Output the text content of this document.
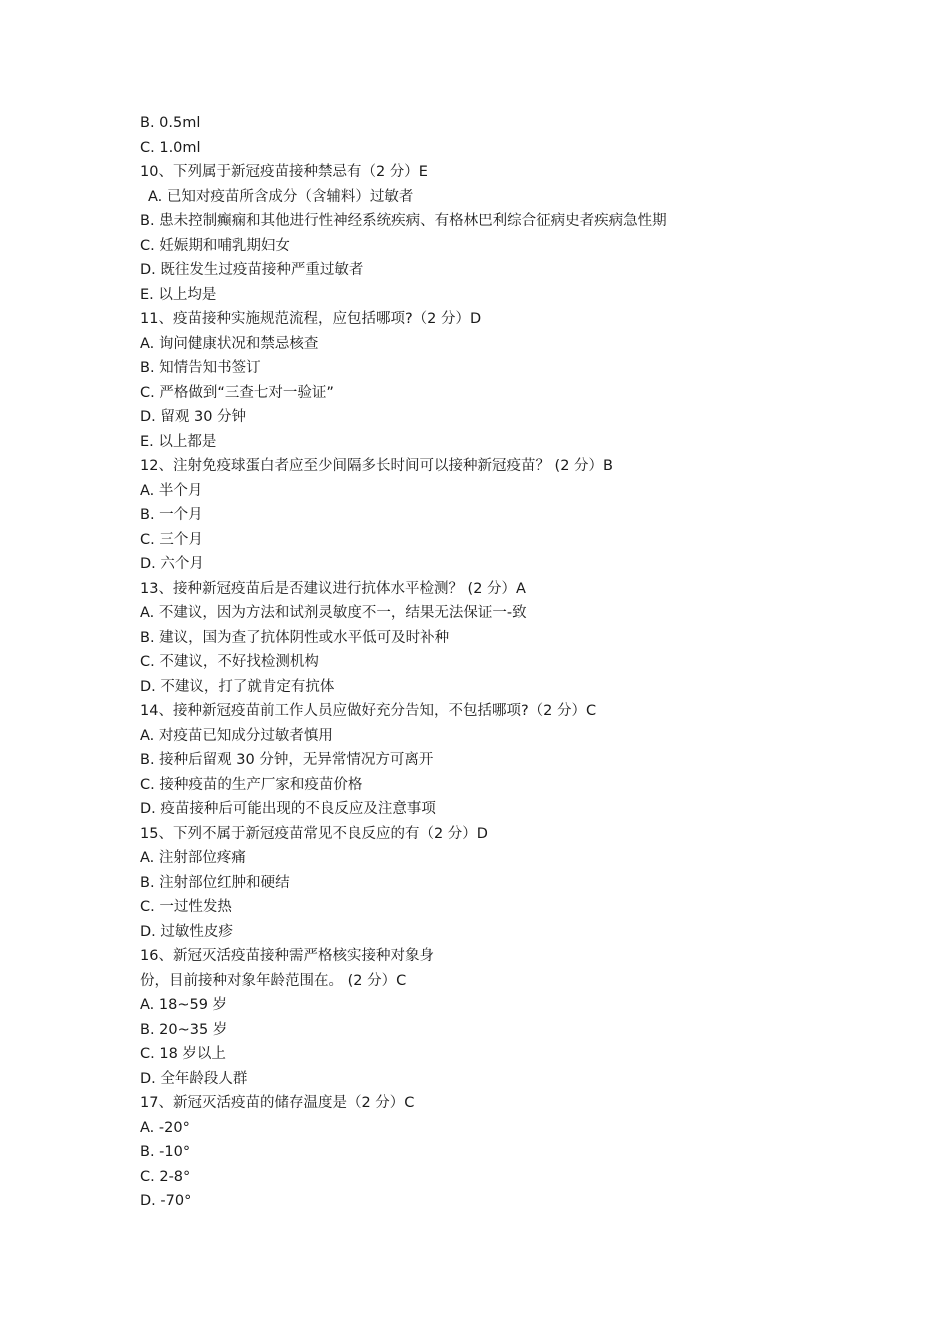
B. 0.5ml
C. 1.0ml
10、下列属于新冠疫苗接种禁忌有（2 分）E
A. 已知对疫苗所含成分（含辅料）过敏者
B. 患未控制癫痫和其他进行性神经系统疾病、有格林巴利综合征病史者疾病急性期
C. 妊娠期和哺乳期妇女
D. 既往发生过疫苗接种严重过敏者
E. 以上均是
11、疫苗接种实施规范流程，应包括哪项?（2 分）D
A. 询问健康状况和禁忌核查
B. 知情告知书签订
C. 严格做到“三查七对一验证”
D. 留观 30 分钟
E. 以上都是
12、注射免疫球蛋白者应至少间隔多长时间可以接种新冠疫苗？ (2 分）B
A. 半个月
B. 一个月
C. 三个月
D. 六个月
13、接种新冠疫苗后是否建议进行抗体水平检测？ (2 分）A
A. 不建议，因为方法和试剂灵敏度不一，结果无法保证一-致
B. 建议，国为查了抗体阴性或水平低可及时补种
C. 不建议，不好找检测机构
D. 不建议，打了就肯定有抗体
14、接种新冠疫苗前工作人员应做好充分告知，不包括哪项?（2 分）C
A. 对疫苗已知成分过敏者慎用
B. 接种后留观 30 分钟，无异常情况方可离开
C. 接种疫苗的生产厂家和疫苗价格
D. 疫苗接种后可能出现的不良反应及注意事项
15、下列不属于新冠疫苗常见不良反应的有（2 分）D
A. 注射部位疼痛
B. 注射部位红肿和硬结
C. 一过性发热
D. 过敏性皮疹
16、新冠灭活疫苗接种需严格核实接种对象身
份，目前接种对象年龄范围在。 (2 分）C
A. 18~59 岁
B. 20~35 岁
C. 18 岁以上
D. 全年龄段人群
17、新冠灭活疫苗的储存温度是（2 分）C
A. -20°
B. -10°
C. 2-8°
D. -70°
